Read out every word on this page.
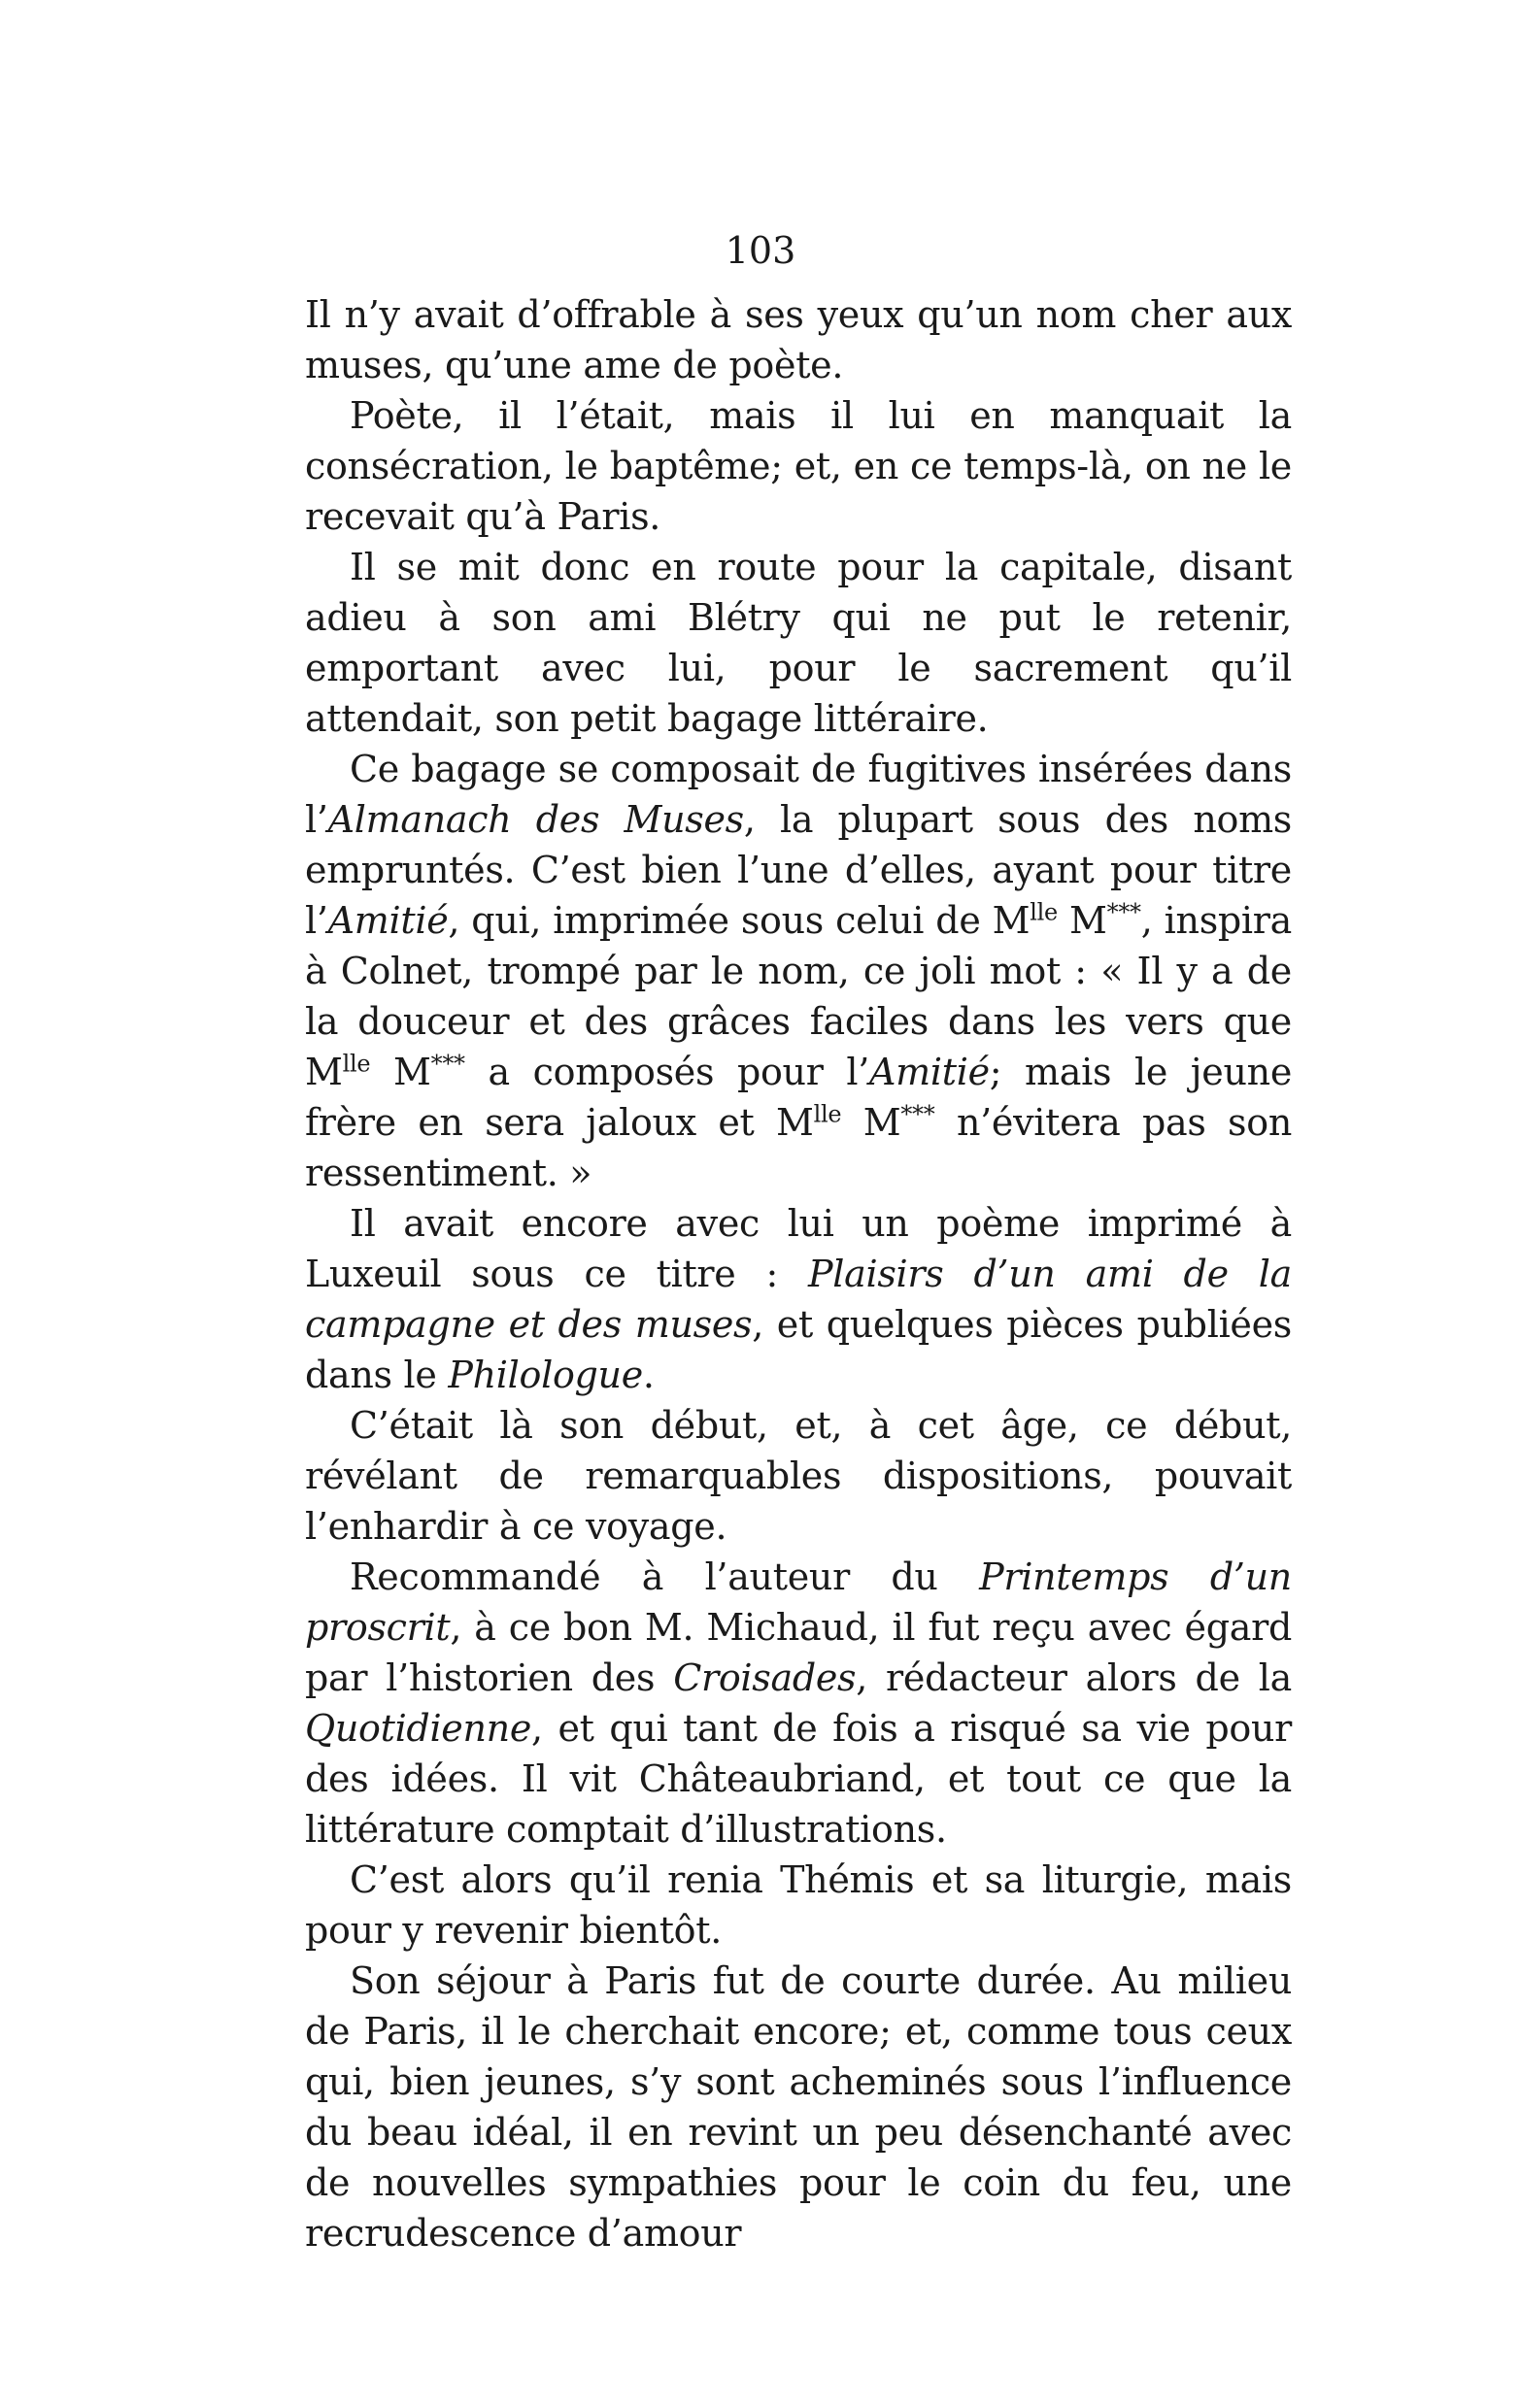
103

Il n’y avait d’offrable à ses yeux qu’un nom cher aux muses, qu’une ame de poète.

Poète, il l’était, mais il lui en manquait la consécration, le baptême; et, en ce temps-là, on ne le recevait qu’à Paris.

Il se mit donc en route pour la capitale, disant adieu à son ami Blétry qui ne put le retenir, emportant avec lui, pour le sacrement qu’il attendait, son petit bagage littéraire.

Ce bagage se composait de fugitives insérées dans l’Almanach des Muses, la plupart sous des noms empruntés. C’est bien l’une d’elles, ayant pour titre l’Amitié, qui, imprimée sous celui de $M^{lle}$ M***, inspira à Colnet, trompé par le nom, ce joli mot : « Il y a de la douceur et des grâces faciles dans les vers que $M^{lle}$ M*** a composés pour l’Amitié; mais le jeune frère en sera jaloux et $M^{lle}$ M*** n’évitera pas son ressentiment. »

Il avait encore avec lui un poème imprimé à Luxeuil sous ce titre : Plaisirs d’un ami de la campagne et des muses, et quelques pièces publiées dans le Philologue.

C’était là son début, et, à cet âge, ce début, révélant de remarquables dispositions, pouvait l’enhardir à ce voyage.

Recommandé à l’auteur du Printemps d’un proscrit, à ce bon M. Michaud, il fut reçu avec égard par l’historien des Croisades, rédacteur alors de la Quotidienne, et qui tant de fois a risqué sa vie pour des idées. Il vit Châteaubriand, et tout ce que la littérature comptait d’illustrations.

C’est alors qu’il renia Thémis et sa liturgie, mais pour y revenir bientôt.

Son séjour à Paris fut de courte durée. Au milieu de Paris, il le cherchait encore; et, comme tous ceux qui, bien jeunes, s’y sont acheminés sous l’influence du beau idéal, il en revint un peu désenchanté avec de nouvelles sympathies pour le coin du feu, une recrudescence d’amour
